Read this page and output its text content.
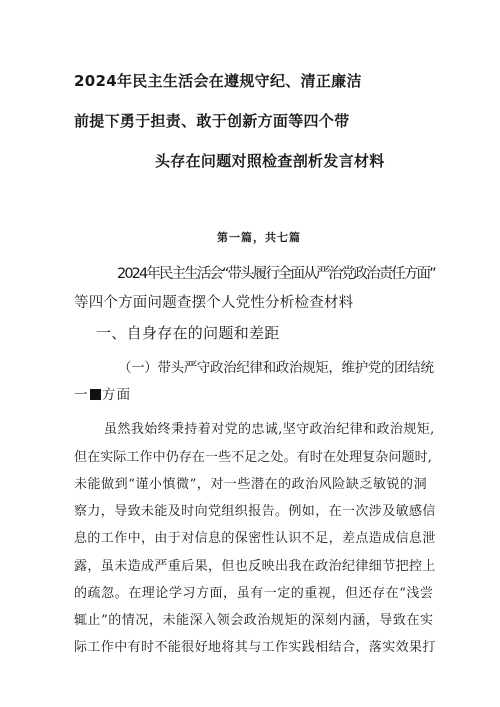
2024年民主生活会在遵规守纪、清正廉洁
前提下勇于担责、敢于创新方面等四个带
头存在问题对照检查剖析发言材料
第一篇，共七篇
2024年民主生活会“带头履行全面从严治党政治责任方面”
等四个方面问题查摆个人党性分析检查材料
一、自身存在的问题和差距
（一）带头严守政治纪律和政治规矩，维护党的团结统
一 方面
虽然我始终秉持着对党的忠诚,坚守政治纪律和政治规矩,
但在实际工作中仍存在一些不足之处。有时在处理复杂问题时,
未能做到“谨小慎微”，对一些潜在的政治风险缺乏敏锐的洞
察力，导致未能及时向党组织报告。例如，在一次涉及敏感信
息的工作中，由于对信息的保密性认识不足，差点造成信息泄
露，虽未造成严重后果，但也反映出我在政治纪律细节把控上
的疏忽。在理论学习方面，虽有一定的重视，但还存在“浅尝
辄止”的情况，未能深入领会政治规矩的深刻内涵，导致在实
际工作中有时不能很好地将其与工作实践相结合，落实效果打
